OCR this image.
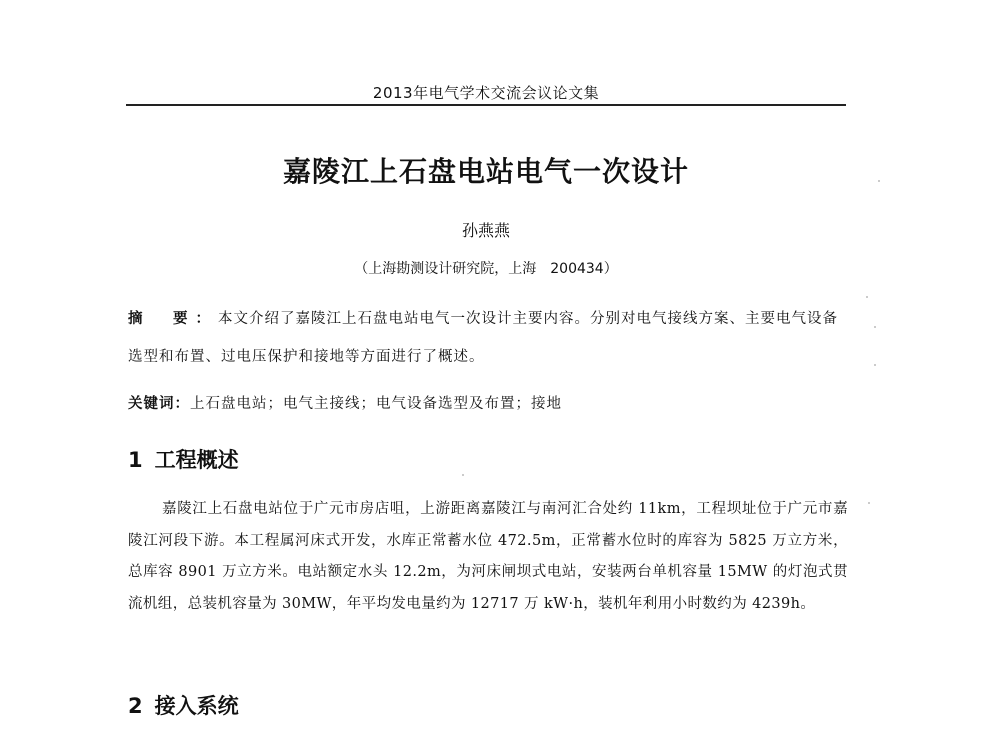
2013年电气学术交流会议论文集
嘉陵江上石盘电站电气一次设计
孙燕燕
（上海勘测设计研究院，上海　200434）
摘　要：本文介绍了嘉陵江上石盘电站电气一次设计主要内容。分别对电气接线方案、主要电气设备选型和布置、过电压保护和接地等方面进行了概述。
关键词：上石盘电站；电气主接线；电气设备选型及布置；接地
1 工程概述
嘉陵江上石盘电站位于广元市房店咀，上游距离嘉陵江与南河汇合处约 11km，工程坝址位于广元市嘉陵江河段下游。本工程属河床式开发，水库正常蓄水位 472.5m，正常蓄水位时的库容为 5825 万立方米，总库容 8901 万立方米。电站额定水头 12.2m，为河床闸坝式电站，安装两台单机容量 15MW 的灯泡式贯流机组，总装机容量为 30MW，年平均发电量约为 12717 万 kW·h，装机年利用小时数约为 4239h。
2 接入系统
